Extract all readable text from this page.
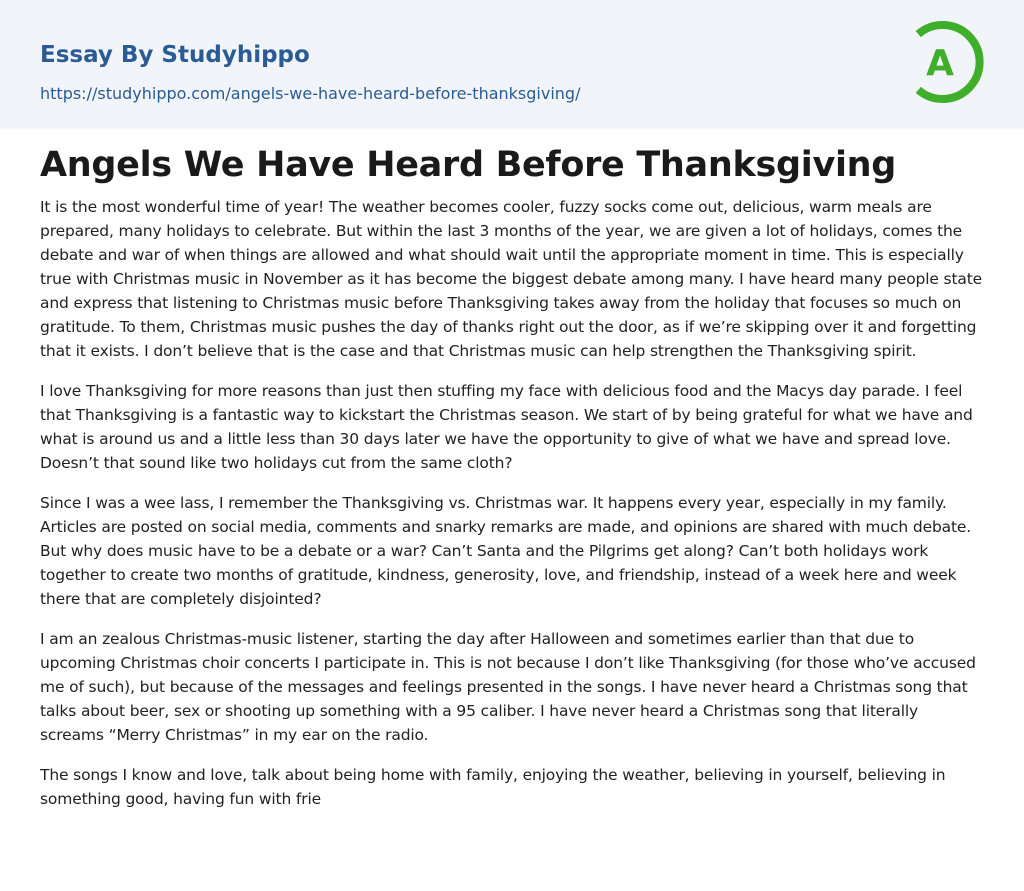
Essay By Studyhippo
https://studyhippo.com/angels-we-have-heard-before-thanksgiving/
A
Angels We Have Heard Before Thanksgiving

It is the most wonderful time of year! The weather becomes cooler, fuzzy socks come out, delicious, warm meals are prepared, many holidays to celebrate. But within the last 3 months of the year, we are given a lot of holidays, comes the debate and war of when things are allowed and what should wait until the appropriate moment in time. This is especially true with Christmas music in November as it has become the biggest debate among many. I have heard many people state and express that listening to Christmas music before Thanksgiving takes away from the holiday that focuses so much on gratitude. To them, Christmas music pushes the day of thanks right out the door, as if we’re skipping over it and forgetting that it exists. I don’t believe that is the case and that Christmas music can help strengthen the Thanksgiving spirit.

I love Thanksgiving for more reasons than just then stuffing my face with delicious food and the Macys day parade. I feel that Thanksgiving is a fantastic way to kickstart the Christmas season. We start of by being grateful for what we have and what is around us and a little less than 30 days later we have the opportunity to give of what we have and spread love. Doesn’t that sound like two holidays cut from the same cloth?

Since I was a wee lass, I remember the Thanksgiving vs. Christmas war. It happens every year, especially in my family. Articles are posted on social media, comments and snarky remarks are made, and opinions are shared with much debate. But why does music have to be a debate or a war? Can’t Santa and the Pilgrims get along? Can’t both holidays work together to create two months of gratitude, kindness, generosity, love, and friendship, instead of a week here and week there that are completely disjointed?

I am an zealous Christmas-music listener, starting the day after Halloween and sometimes earlier than that due to upcoming Christmas choir concerts I participate in. This is not because I don’t like Thanksgiving (for those who’ve accused me of such), but because of the messages and feelings presented in the songs. I have never heard a Christmas song that talks about beer, sex or shooting up something with a 95 caliber. I have never heard a Christmas song that literally screams “Merry Christmas” in my ear on the radio.

The songs I know and love, talk about being home with family, enjoying the weather, believing in yourself, believing in something good, having fun with frie
